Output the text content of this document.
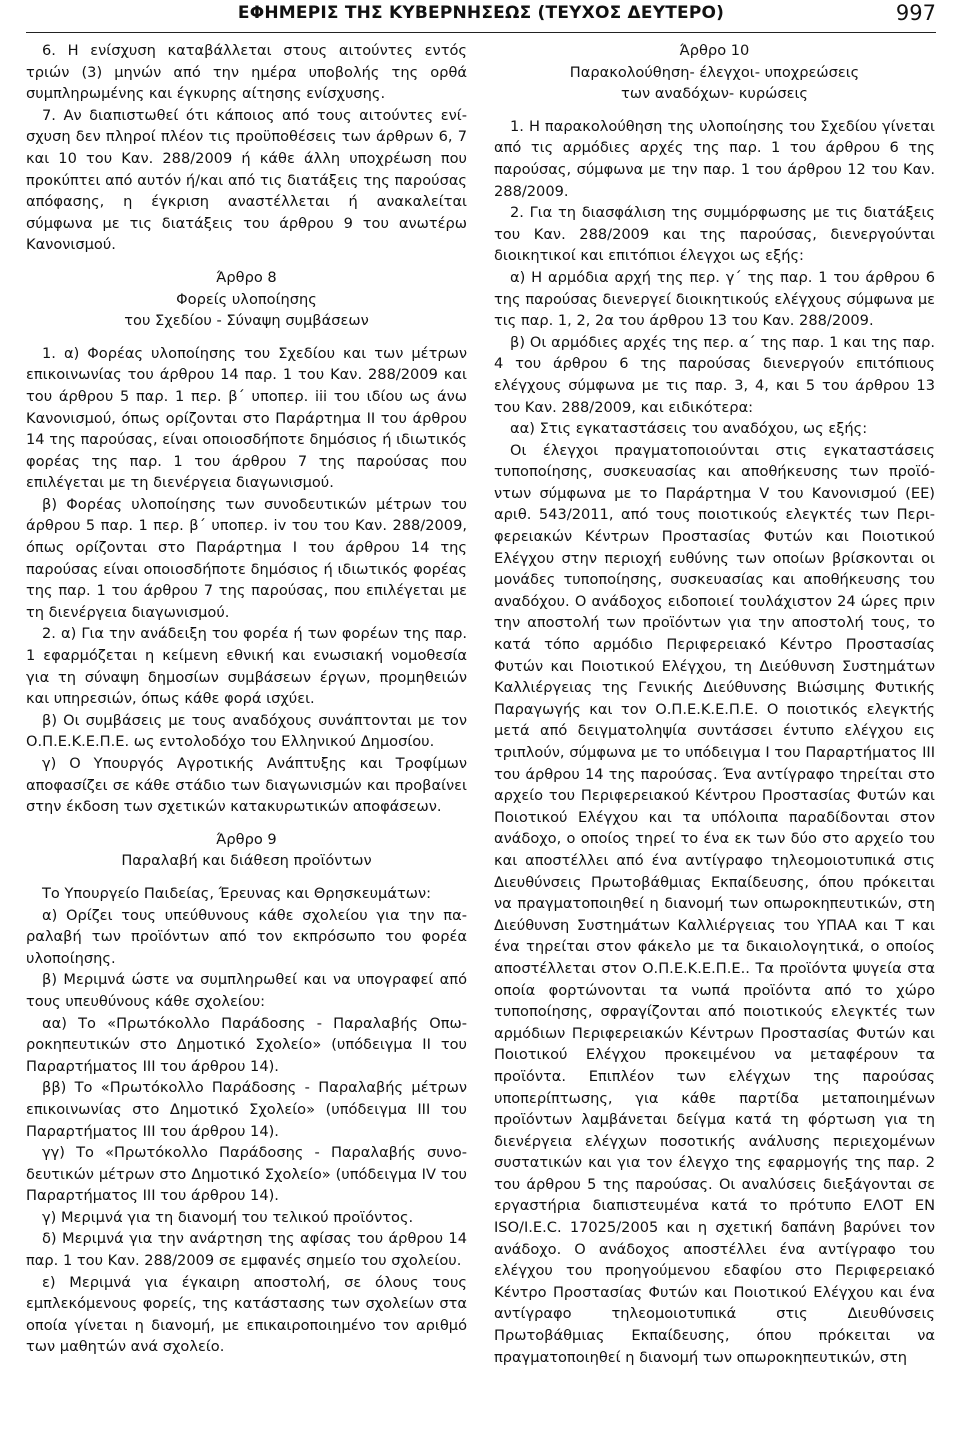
ΕΦΗΜΕΡΙΣ ΤΗΣ ΚΥΒΕΡΝΗΣΕΩΣ (ΤΕΥΧΟΣ ΔΕΥΤΕΡΟ)	997

6. Η ενίσχυση καταβάλλεται στους αιτούντες εντός τριών (3) μηνών από την ημέρα υποβολής της ορθά συμπληρωμένης και έγκυρης αίτησης ενίσχυσης.

7. Αν διαπιστωθεί ότι κάποιος από τους αιτούντες ενίσχυση δεν πληροί πλέον τις προϋποθέσεις των άρθρων 6, 7 και 10 του Καν. 288/2009 ή κάθε άλλη υποχρέωση που προκύπτει από αυτόν ή/και από τις διατάξεις της παρούσας απόφασης, η έγκριση αναστέλλεται ή ανακαλείται σύμφωνα με τις διατάξεις του άρθρου 9 του ανωτέρω Κανονισμού.

Άρθρο 8

Φορείς υλοποίησης

του Σχεδίου - Σύναψη συμβάσεων

1. α) Φορέας υλοποίησης του Σχεδίου και των μέτρων επικοινωνίας του άρθρου 14 παρ. 1 του Καν. 288/2009 και του άρθρου 5 παρ. 1 περ. β΄ υποπερ. iii του ιδίου ως άνω Κανονισμού, όπως ορίζονται στο Παράρτημα ΙΙ του άρθρου 14 της παρούσας, είναι οποιοσδήποτε δημόσιος ή ιδιωτικός φορέας της παρ. 1 του άρθρου 7 της παρούσας που επιλέγεται με τη διενέργεια διαγωνισμού.

β) Φορέας υλοποίησης των συνοδευτικών μέτρων του άρθρου 5 παρ. 1 περ. β΄ υποπερ. iv του του Καν. 288/2009, όπως ορίζονται στο Παράρτημα Ι του άρθρου 14 της παρούσας είναι οποιοσδήποτε δημόσιος ή ιδιωτικός φορέας της παρ. 1 του άρθρου 7 της παρούσας, που επιλέγεται με τη διενέργεια διαγωνισμού.

2. α) Για την ανάδειξη του φορέα ή των φορέων της παρ. 1 εφαρμόζεται η κείμενη εθνική και ενωσιακή νομοθεσία για τη σύναψη δημοσίων συμβάσεων έργων, προμηθειών και υπηρεσιών, όπως κάθε φορά ισχύει.

β) Οι συμβάσεις με τους αναδόχους συνάπτονται με τον Ο.Π.Ε.Κ.Ε.Π.Ε. ως εντολοδόχο του Ελληνικού Δημοσίου.

γ) Ο Υπουργός Αγροτικής Ανάπτυξης και Τροφίμων αποφασίζει σε κάθε στάδιο των διαγωνισμών και προβαίνει στην έκδοση των σχετικών κατακυρωτικών αποφάσεων.

Άρθρο 9

Παραλαβή και διάθεση προϊόντων

Το Υπουργείο Παιδείας, Έρευνας και Θρησκευμάτων:

α) Ορίζει τους υπεύθυνους κάθε σχολείου για την παραλαβή των προϊόντων από τον εκπρόσωπο του φορέα υλοποίησης.

β) Μεριμνά ώστε να συμπληρωθεί και να υπογραφεί από τους υπευθύνους κάθε σχολείου:

αα) Το «Πρωτόκολλο Παράδοσης - Παραλαβής Οπωροκηπευτικών στο Δημοτικό Σχολείο» (υπόδειγμα ΙΙ του Παραρτήματος ΙΙΙ του άρθρου 14).

ββ) Το «Πρωτόκολλο Παράδοσης - Παραλαβής μέτρων επικοινωνίας στο Δημοτικό Σχολείο» (υπόδειγμα ΙΙΙ του Παραρτήματος ΙΙΙ του άρθρου 14).

γγ) Το «Πρωτόκολλο Παράδοσης - Παραλαβής συνοδευτικών μέτρων στο Δημοτικό Σχολείο» (υπόδειγμα ΙV του Παραρτήματος ΙΙΙ του άρθρου 14).

γ) Μεριμνά για τη διανομή του τελικού προϊόντος.

δ) Μεριμνά για την ανάρτηση της αφίσας του άρθρου 14 παρ. 1 του Καν. 288/2009 σε εμφανές σημείο του σχολείου.

ε) Μεριμνά για έγκαιρη αποστολή, σε όλους τους εμπλεκόμενους φορείς, της κατάστασης των σχολείων στα οποία γίνεται η διανομή, με επικαιροποιημένο τον αριθμό των μαθητών ανά σχολείο.

Άρθρο 10

Παρακολούθηση- έλεγχοι- υποχρεώσεις

των αναδόχων- κυρώσεις

1. Η παρακολούθηση της υλοποίησης του Σχεδίου γίνεται από τις αρμόδιες αρχές της παρ. 1 του άρθρου 6 της παρούσας, σύμφωνα με την παρ. 1 του άρθρου 12 του Καν. 288/2009.

2. Για τη διασφάλιση της συμμόρφωσης με τις διατάξεις του Καν. 288/2009 και της παρούσας, διενεργούνται διοικητικοί και επιτόπιοι έλεγχοι ως εξής:

α) Η αρμόδια αρχή της περ. γ΄ της παρ. 1 του άρθρου 6 της παρούσας διενεργεί διοικητικούς ελέγχους σύμφωνα με τις παρ. 1, 2, 2α του άρθρου 13 του Καν. 288/2009.

β) Οι αρμόδιες αρχές της περ. α΄ της παρ. 1 και της παρ. 4 του άρθρου 6 της παρούσας διενεργούν επιτόπιους ελέγχους σύμφωνα με τις παρ. 3, 4, και 5 του άρθρου 13 του Καν. 288/2009, και ειδικότερα:

αα) Στις εγκαταστάσεις του αναδόχου, ως εξής:

Οι έλεγχοι πραγματοποιούνται στις εγκαταστάσεις τυποποίησης, συσκευασίας και αποθήκευσης των προϊόντων σύμφωνα με το Παράρτημα V του Κανονισμού (ΕΕ) αριθ. 543/2011, από τους ποιοτικούς ελεγκτές των Περιφερειακών Κέντρων Προστασίας Φυτών και Ποιοτικού Ελέγχου στην περιοχή ευθύνης των οποίων βρίσκονται οι μονάδες τυποποίησης, συσκευασίας και αποθήκευσης του αναδόχου. Ο ανάδοχος ειδοποιεί τουλάχιστον 24 ώρες πριν την αποστολή των προϊόντων για την αποστολή τους, το κατά τόπο αρμόδιο Περιφερειακό Κέντρο Προστασίας Φυτών και Ποιοτικού Ελέγχου, τη Διεύθυνση Συστημάτων Καλλιέργειας της Γενικής Διεύθυνσης Βιώσιμης Φυτικής Παραγωγής και τον Ο.Π.Ε.Κ.Ε.Π.Ε. Ο ποιοτικός ελεγκτής μετά από δειγματοληψία συντάσσει έντυπο ελέγχου εις τριπλούν, σύμφωνα με το υπόδειγμα Ι του Παραρτήματος ΙΙΙ του άρθρου 14 της παρούσας. Ένα αντίγραφο τηρείται στο αρχείο του Περιφερειακού Κέντρου Προστασίας Φυτών και Ποιοτικού Ελέγχου και τα υπόλοιπα παραδίδονται στον ανάδοχο, ο οποίος τηρεί το ένα εκ των δύο στο αρχείο του και αποστέλλει από ένα αντίγραφο τηλεομοιοτυπικά στις Διευθύνσεις Πρωτοβάθμιας Εκπαίδευσης, όπου πρόκειται να πραγματοποιηθεί η διανομή των οπωροκηπευτικών, στη Διεύθυνση Συστημάτων Καλλιέργειας του ΥΠΑΑ και Τ και ένα τηρείται στον φάκελο με τα δικαιολογητικά, ο οποίος αποστέλλεται στον Ο.Π.Ε.Κ.Ε.Π.Ε.. Τα προϊόντα ψυγεία στα οποία φορτώνονται τα νωπά προϊόντα από το χώρο τυποποίησης, σφραγίζονται από ποιοτικούς ελεγκτές των αρμόδιων Περιφερειακών Κέντρων Προστασίας Φυτών και Ποιοτικού Ελέγχου προκειμένου να μεταφέρουν τα προϊόντα. Επιπλέον των ελέγχων της παρούσας υποπερίπτωσης, για κάθε παρτίδα μεταποιημένων προϊόντων λαμβάνεται δείγμα κατά τη φόρτωση για τη διενέργεια ελέγχων ποσοτικής ανάλυσης περιεχομένων συστατικών και για τον έλεγχο της εφαρμογής της παρ. 2 του άρθρου 5 της παρούσας. Οι αναλύσεις διεξάγονται σε εργαστήρια διαπιστευμένα κατά το πρότυπο ΕΛΟΤ ΕΝ ISO/I.E.C. 17025/2005 και η σχετική δαπάνη βαρύνει τον ανάδοχο. Ο ανάδοχος αποστέλλει ένα αντίγραφο του ελέγχου του προηγούμενου εδαφίου στο Περιφερειακό Κέντρο Προστασίας Φυτών και Ποιοτικού Ελέγχου και ένα αντίγραφο τηλεομοιοτυπικά στις Διευθύνσεις Πρωτοβάθμιας Εκπαίδευσης, όπου πρόκειται να πραγματοποιηθεί η διανομή των οπωροκηπευτικών, στη
